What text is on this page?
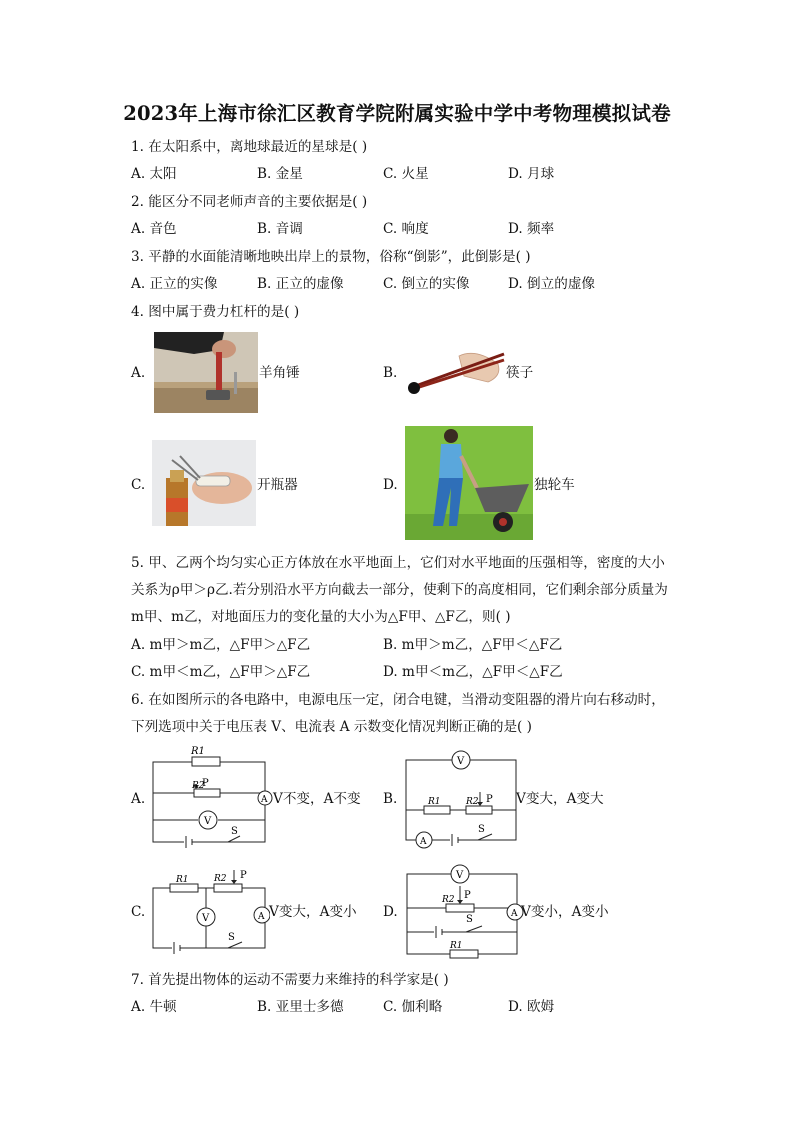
2023年上海市徐汇区教育学院附属实验中学中考物理模拟试卷
1. 在太阳系中，离地球最近的星球是( )
A. 太阳	B. 金星	C. 火星	D. 月球
2. 能区分不同老师声音的主要依据是( )
A. 音色	B. 音调	C. 响度	D. 频率
3. 平静的水面能清晰地映出岸上的景物，俗称“倒影”，此倒影是( )
A. 正立的实像	B. 正立的虚像	C. 倒立的实像	D. 倒立的虚像
4. 图中属于费力杠杆的是( )
A.	羊角锤	B.	筷子
C.	开瓶器	D.	独轮车
5. 甲、乙两个均匀实心正方体放在水平地面上，它们对水平地面的压强相等，密度的大小
关系为ρ甲＞ρ乙.若分别沿水平方向截去一部分，使剩下的高度相同，它们剩余部分质量为
m甲、m乙，对地面压力的变化量的大小为△F甲、△F乙，则( )
A. m甲＞m乙，△F甲＞△F乙	B. m甲＞m乙，△F甲＜△F乙
C. m甲＜m乙，△F甲＞△F乙	D. m甲＜m乙，△F甲＜△F乙
6. 在如图所示的各电路中，电源电压一定，闭合电键，当滑动变阻器的滑片向右移动时，
下列选项中关于电压表 V、电流表 A 示数变化情况判断正确的是( )
A.
R1
R2
P
V
A
S
V不变，A不变 B.	R1	R2 P
V
A
S
V变大，A变大
C.
R1	R2 P
V	A
S
V变大，A变小 D.
R2 P
R1
V
A
S	V变小，A变小
7. 首先提出物体的运动不需要力来维持的科学家是( )
A. 牛顿	B. 亚里士多德	C. 伽利略	D. 欧姆
